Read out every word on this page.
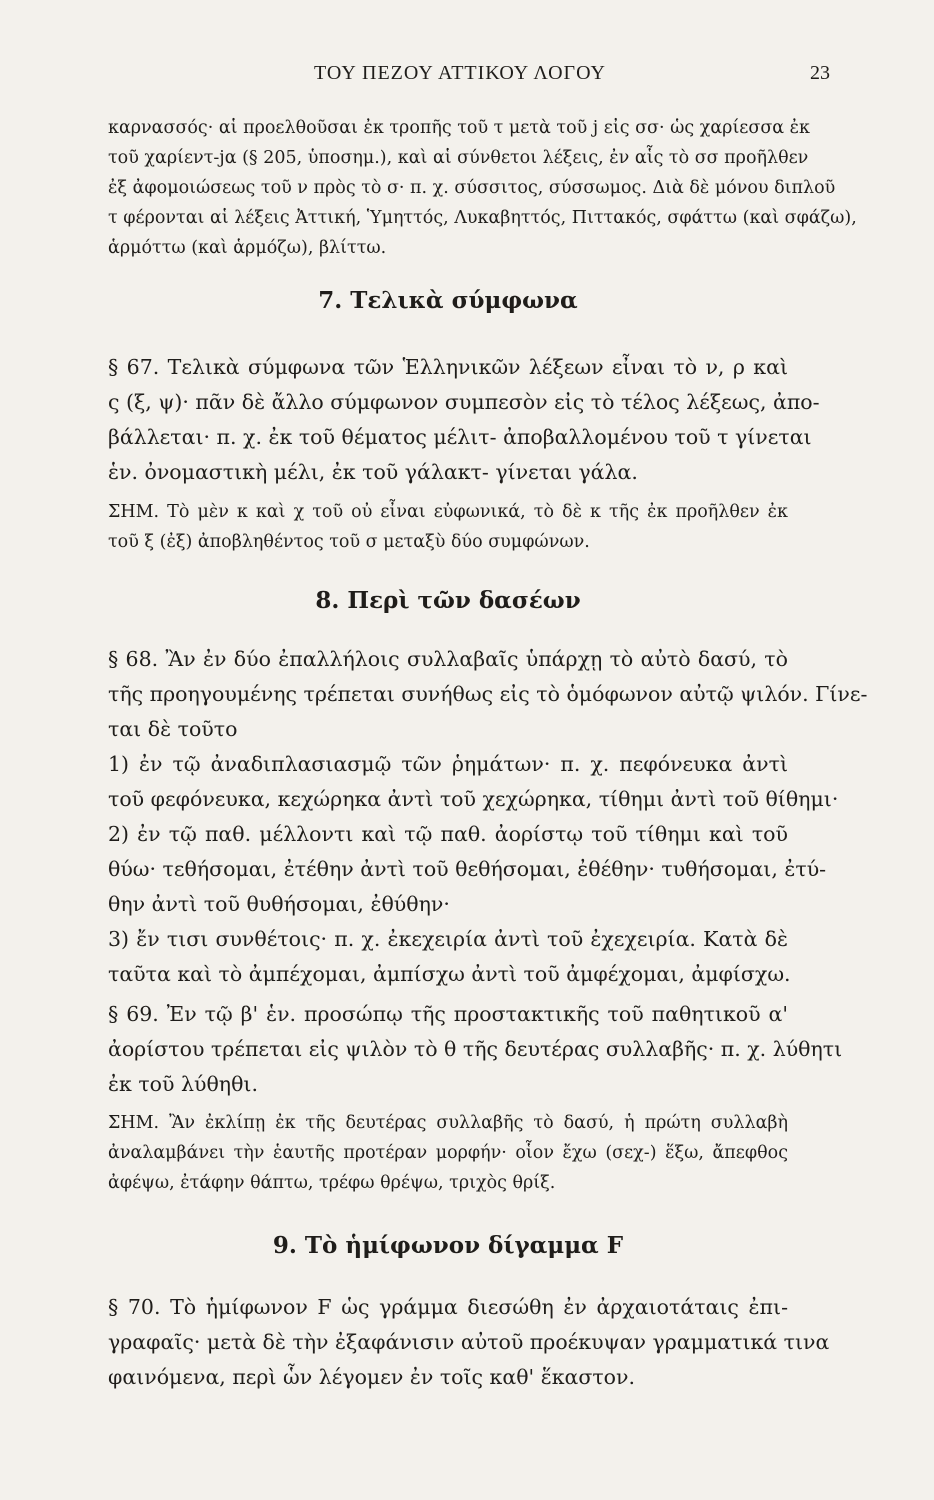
ΤΟΥ ΠΕΖΟΥ ΑΤΤΙΚΟΥ ΛΟΓΟΥ	23
καρνασσός· αἱ προελθοῦσαι ἐκ τροπῆς τοῦ τ μετὰ τοῦ j εἰς σσ· ὡς χαρίεσσα ἐκ
τοῦ χαρίεντ-jα (§ 205, ὑποσημ.), καὶ αἱ σύνθετοι λέξεις, ἐν αἷς τὸ σσ προῆλθεν
ἐξ ἀφομοιώσεως τοῦ ν πρὸς τὸ σ· π. χ. σύσσιτος, σύσσωμος. Διὰ δὲ μόνου διπλοῦ
τ φέρονται αἱ λέξεις Ἀττική, Ὑμηττός, Λυκαβηττός, Πιττακός, σφάττω (καὶ σφάζω),
ἁρμόττω (καὶ ἁρμόζω), βλίττω.
7. Τελικὰ σύμφωνα
§ 67. Τελικὰ σύμφωνα τῶν Ἑλληνικῶν λέξεων εἶναι τὸ ν, ρ καὶ
ς (ξ, ψ)· πᾶν δὲ ἄλλο σύμφωνον συμπεσὸν εἰς τὸ τέλος λέξεως, ἀπο-
βάλλεται· π. χ. ἐκ τοῦ θέματος μέλιτ- ἀποβαλλομένου τοῦ τ γίνεται
ἑν. ὀνομαστικὴ μέλι, ἐκ τοῦ γάλακτ- γίνεται γάλα.
ΣΗΜ. Τὸ μὲν κ καὶ χ τοῦ οὐ εἶναι εὐφωνικά, τὸ δὲ κ τῆς ἐκ προῆλθεν ἐκ
τοῦ ξ (ἐξ) ἀποβληθέντος τοῦ σ μεταξὺ δύο συμφώνων.
8. Περὶ τῶν δασέων
§ 68. Ἂν ἐν δύο ἐπαλλήλοις συλλαβαῖς ὑπάρχῃ τὸ αὐτὸ δασύ, τὸ
τῆς προηγουμένης τρέπεται συνήθως εἰς τὸ ὁμόφωνον αὐτῷ ψιλόν. Γίνε-
ται δὲ τοῦτο
1) ἐν τῷ ἀναδιπλασιασμῷ τῶν ῥημάτων· π. χ. πεφόνευκα ἀντὶ
τοῦ φεφόνευκα, κεχώρηκα ἀντὶ τοῦ χεχώρηκα, τίθημι ἀντὶ τοῦ θίθημι·
2) ἐν τῷ παθ. μέλλοντι καὶ τῷ παθ. ἀορίστῳ τοῦ τίθημι καὶ τοῦ
θύω· τεθήσομαι, ἐτέθην ἀντὶ τοῦ θεθήσομαι, ἐθέθην· τυθήσομαι, ἐτύ-
θην ἀντὶ τοῦ θυθήσομαι, ἐθύθην·
3) ἔν τισι συνθέτοις· π. χ. ἐκεχειρία ἀντὶ τοῦ ἐχεχειρία. Κατὰ δὲ
ταῦτα καὶ τὸ ἀμπέχομαι, ἀμπίσχω ἀντὶ τοῦ ἀμφέχομαι, ἀμφίσχω.
§ 69. Ἐν τῷ β' ἑν. προσώπῳ τῆς προστακτικῆς τοῦ παθητικοῦ α'
ἀορίστου τρέπεται εἰς ψιλὸν τὸ θ τῆς δευτέρας συλλαβῆς· π. χ. λύθητι
ἐκ τοῦ λύθηθι.
ΣΗΜ. Ἂν ἐκλίπῃ ἐκ τῆς δευτέρας συλλαβῆς τὸ δασύ, ἡ πρώτη συλλαβὴ
ἀναλαμβάνει τὴν ἑαυτῆς προτέραν μορφήν· οἷον ἔχω (σεχ-) ἕξω, ἄπεφθος
ἀφέψω, ἐτάφην θάπτω, τρέφω θρέψω, τριχὸς θρίξ.
9. Τὸ ἡμίφωνον δίγαμμα F
§ 70. Τὸ ἡμίφωνον F ὡς γράμμα διεσώθη ἐν ἀρχαιοτάταις ἐπι-
γραφαῖς· μετὰ δὲ τὴν ἐξαφάνισιν αὐτοῦ προέκυψαν γραμματικά τινα
φαινόμενα, περὶ ὧν λέγομεν ἐν τοῖς καθ' ἕκαστον.
